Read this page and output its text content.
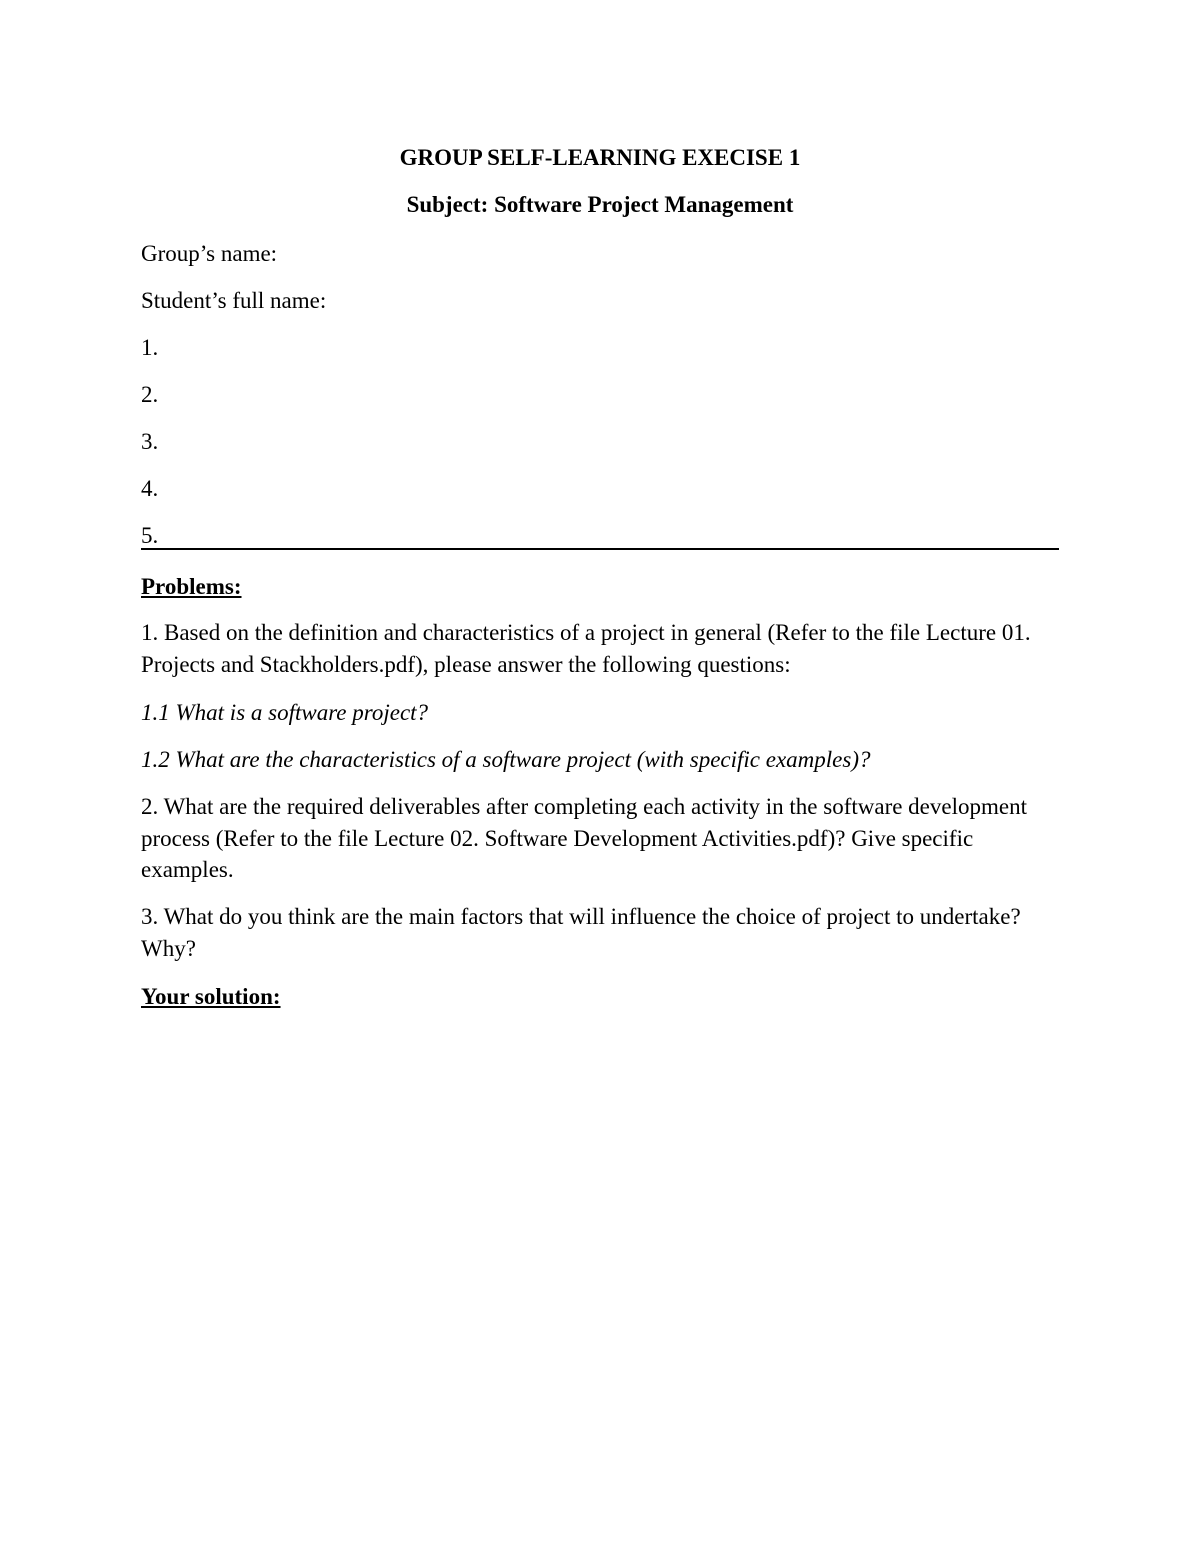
GROUP SELF-LEARNING EXECISE 1

Subject: Software Project Management

Group’s name:

Student’s full name:

1.

2.

3.

4.

5.

Problems:

1. Based on the definition and characteristics of a project in general (Refer to the file Lecture 01. Projects and Stackholders.pdf), please answer the following questions:

1.1 What is a software project?

1.2 What are the characteristics of a software project (with specific examples)?

2. What are the required deliverables after completing each activity in the software development process (Refer to the file Lecture 02. Software Development Activities.pdf)? Give specific examples.

3. What do you think are the main factors that will influence the choice of project to undertake? Why?

Your solution:
